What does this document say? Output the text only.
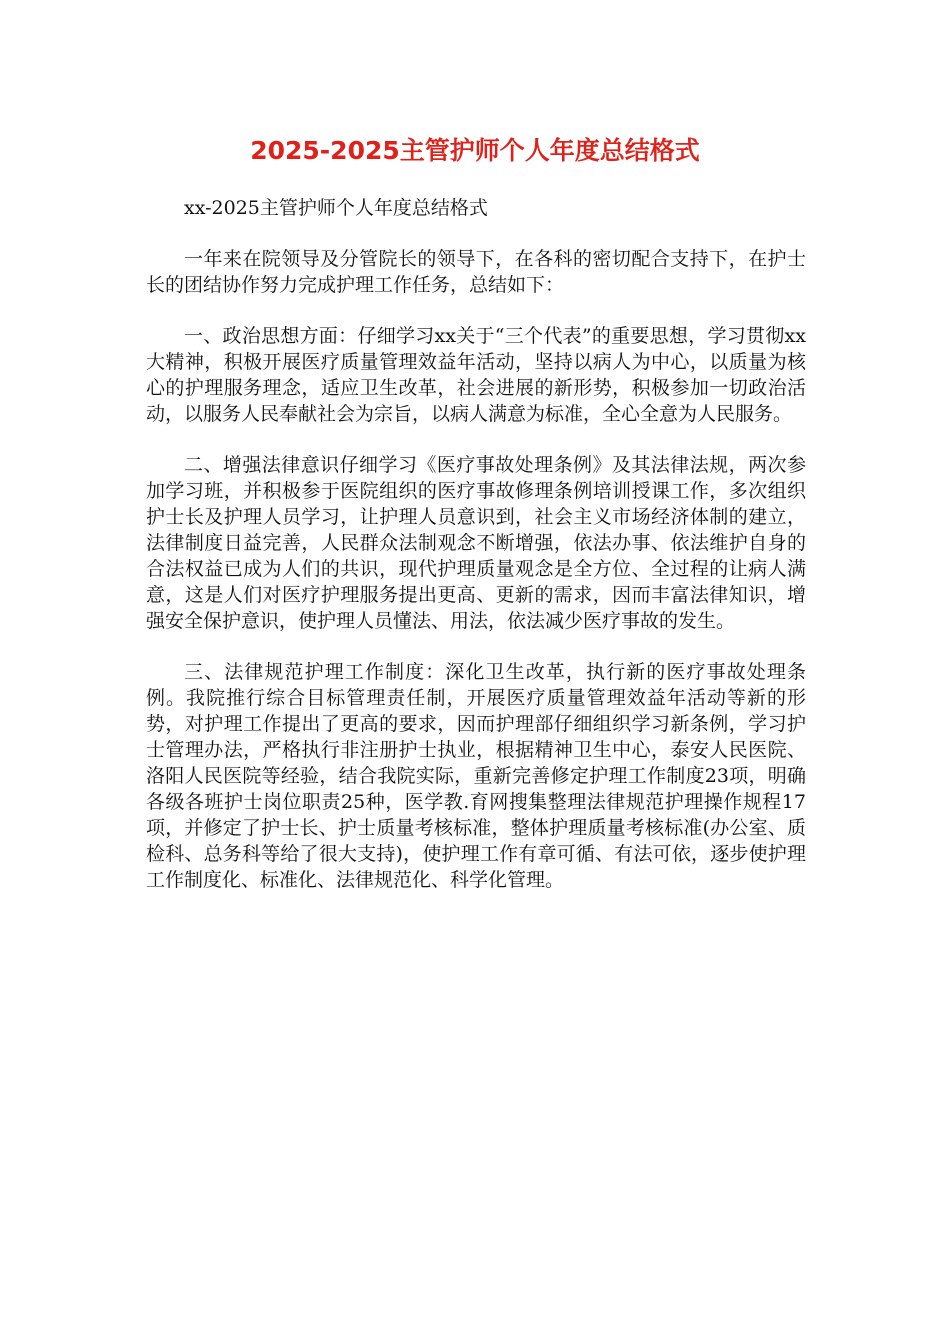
2025-2025主管护师个人年度总结格式

xx-2025主管护师个人年度总结格式

一年来在院领导及分管院长的领导下，在各科的密切配合支持下，在护士长的团结协作努力完成护理工作任务，总结如下：

一、政治思想方面：仔细学习xx关于“三个代表”的重要思想，学习贯彻xx大精神，积极开展医疗质量管理效益年活动，坚持以病人为中心，以质量为核心的护理服务理念，适应卫生改革，社会进展的新形势，积极参加一切政治活动，以服务人民奉献社会为宗旨，以病人满意为标准，全心全意为人民服务。

二、增强法律意识仔细学习《医疗事故处理条例》及其法律法规，两次参加学习班，并积极参于医院组织的医疗事故修理条例培训授课工作，多次组织护士长及护理人员学习，让护理人员意识到，社会主义市场经济体制的建立，法律制度日益完善，人民群众法制观念不断增强，依法办事、依法维护自身的合法权益已成为人们的共识，现代护理质量观念是全方位、全过程的让病人满意，这是人们对医疗护理服务提出更高、更新的需求，因而丰富法律知识，增强安全保护意识，使护理人员懂法、用法，依法减少医疗事故的发生。

三、法律规范护理工作制度：深化卫生改革，执行新的医疗事故处理条例。我院推行综合目标管理责任制，开展医疗质量管理效益年活动等新的形势，对护理工作提出了更高的要求，因而护理部仔细组织学习新条例，学习护士管理办法，严格执行非注册护士执业，根据精神卫生中心，泰安人民医院、洛阳人民医院等经验，结合我院实际，重新完善修定护理工作制度23项，明确各级各班护士岗位职责25种，医学教.育网搜集整理法律规范护理操作规程17项，并修定了护士长、护士质量考核标准，整体护理质量考核标准(办公室、质检科、总务科等给了很大支持)，使护理工作有章可循、有法可依，逐步使护理工作制度化、标准化、法律规范化、科学化管理。
